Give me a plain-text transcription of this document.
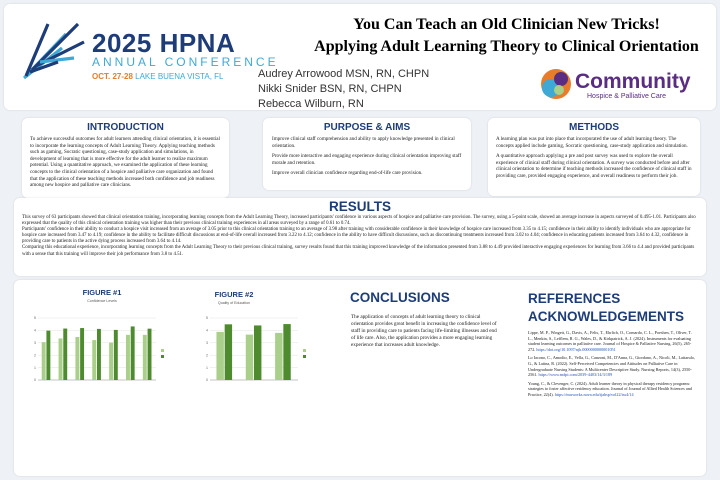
2025 HPNA
ANNUAL CONFERENCE
OCT. 27-28 LAKE BUENA VISTA, FL
You Can Teach an Old Clinician New Tricks!
Applying Adult Learning Theory to Clinical Orientation
Audrey Arrowood MSN, RN, CHPN
Nikki Snider BSN, RN, CHPN
Rebecca Wilburn, RN
Community
Hospice & Palliative Care
INTRODUCTION
To achieve successful outcomes for adult learners attending clinical orientation, it is essential to incorporate the learning concepts of Adult Learning Theory. Applying teaching methods such as gaming, Socratic questioning, case-study application and simulations, in development of learning that is more effective for the adult learner to realize maximum potential. Using a quantitative approach, we examined the application of these learning concepts to the clinical orientation of a hospice and palliative care organization and found that the application of these teaching methods increased both confidence and job readiness among new hospice and palliative care clinicians.
PURPOSE & AIMS

Improve clinical staff comprehension and ability to apply knowledge presented in clinical orientation.

Provide more interactive and engaging experience during clinical orientation improving staff morale and retention.

Improve overall clinician confidence regarding end-of-life care provision.

METHODS

A learning plan was put into place that incorporated the use of adult learning theory. The concepts applied include gaming, Socratic questioning, case-study application and simulation.

A quantitative approach applying a pre and post survey was used to explore the overall experience of clinical staff during clinical orientation. A survey was conducted before and after clinical orientation to determine if teaching methods increased the confidence of clinical staff in providing care, provided engaging experience, and overall readiness to perform their job.

RESULTS
This survey of 63 participants showed that clinical orientation training, incorporating learning concepts from the Adult Learning Theory, increased participants' confidence in various aspects of hospice and palliative care provision. The survey, using a 5-point scale, showed an average increase in aspects surveyed of 0.495-1.01. Participants also expressed that the quality of this clinical orientation training was higher than their previous clinical training experiences in all areas surveyed by a range of 0.61 to 0.74.
Participants' confidence in their ability to conduct a hospice visit increased from an average of 3.05 prior to this clinical orientation training to an average of 3.98 after training with considerable confidence in their knowledge of hospice care increased from 3.35 to 4.15; confidence in their ability to identify individuals who are appropriate for hospice care increased from 3.47 to 4.19; confidence in the ability to facilitate difficult discussions at end-of-life overall increased from 3.22 to 4.12; confidence in the ability to have difficult discussions, such as discontinuing treatments increased from 3.02 to 4.04; confidence in educating patients increased from 3.64 to 4.32, confidence in providing care to patients in the active dying process increased from 3.64 to 4.14.
Comparing this educational experience, incorporating learning concepts from the Adult Learning Theory to their previous clinical training, survey results found that this training improved knowledge of the information presented from 3.88 to 4.49 provided interactive engaging experiences for learning from 3.66 to 4.4 and provided participants with a sense that this training will improve their job performance from 3.8 to 4.51.
FIGURE #1
Confidence Levels
0
1
2
3
4
5
FIGURE #2
Quality of Education
0
1
2
3
4
5
CONCLUSIONS
The application of concepts of adult learning theory to clinical orientation provides great benefit in increasing the confidence level of staff in providing care to patients facing life-limiting illnesses and end of life care. Also, the application provides a more engaging learning experience that increases adult knowledge.
REFERENCES
ACKNOWLEDGEMENTS

Lippe, M. P., Wingett, G., Davis, A., Felts, T., Ehrlich, O., Cornardo, C. L., Poeshen, T., Oliver, T. L., Menkin, S., Lefflem, R. G., Wales, D., & Kirkpatrick, A. J. (2024). Instruments for evaluating student learning outcomes in palliative care. Journal of Hospice & Palliative Nursing, 26(5), 265-272. https://doi.org/10.1097/njh.0000000000001051

Lo Iacono, C., Amodio, E., Vella, G., Canzoni, M., D'Anna, G., Giordano, A., Nicoli, M., Lattarulo, G., & Latina, R. (2022). Self-Perceived Competencies and Attitudes on Palliative Care in Undergraduate Nursing Students: A Multicenter Descriptive Study. Nursing Reports, 14(3), 2550-2561. https://www.mdpi.com/2039-4403/14/3/189

Young, C., & Clevenger, C. (2024). Adult learner theory in physical therapy residency programs: strategies to foster affective residency education. Journal of Journal of Allied Health Sciences and Practice, 22(4). https://nsuworks.nova.edu/ijahsp/vol22/iss4/14
